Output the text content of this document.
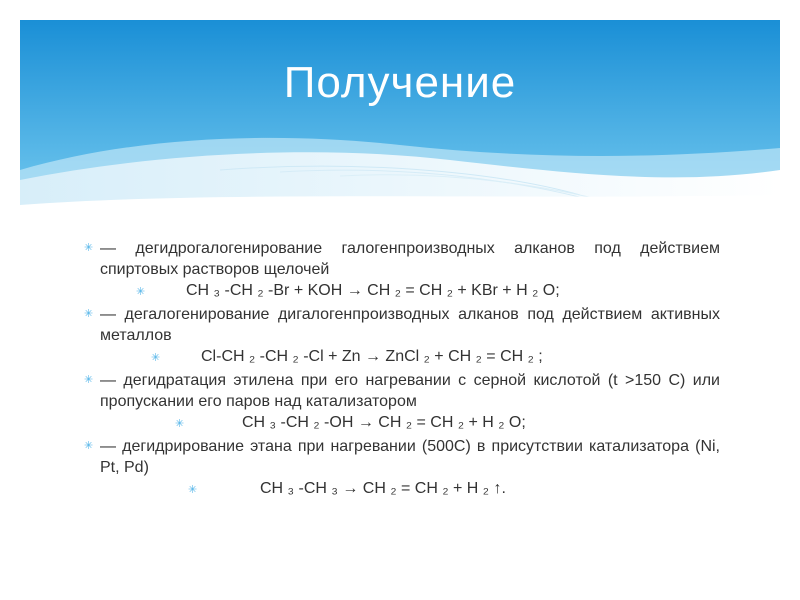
Получение
✳ — дегидрогалогенирование галогенпроизводных алканов под действием спиртовых растворов щелочей
✳	CH ₃ -CH ₂ -Br + KOH → CH ₂ = CH ₂ + KBr + H ₂ O;
✳ — дегалогенирование дигалогенпроизводных алканов под действием активных металлов
✳	Cl-CH ₂ -CH ₂ -Cl + Zn → ZnCl ₂ + CH ₂ = CH ₂ ;
✳ — дегидратация этилена при его нагревании с серной кислотой (t >150 С) или пропускании его паров над катализатором
✳	CH ₃ -CH ₂ -OH → CH ₂ = CH ₂ + H ₂ O;
✳ — дегидрирование этана при нагревании (500С) в присутствии катализатора (Ni, Pt, Pd)
✳	CH ₃ -CH ₃ → CH ₂ = CH ₂ + H ₂ ↑.
